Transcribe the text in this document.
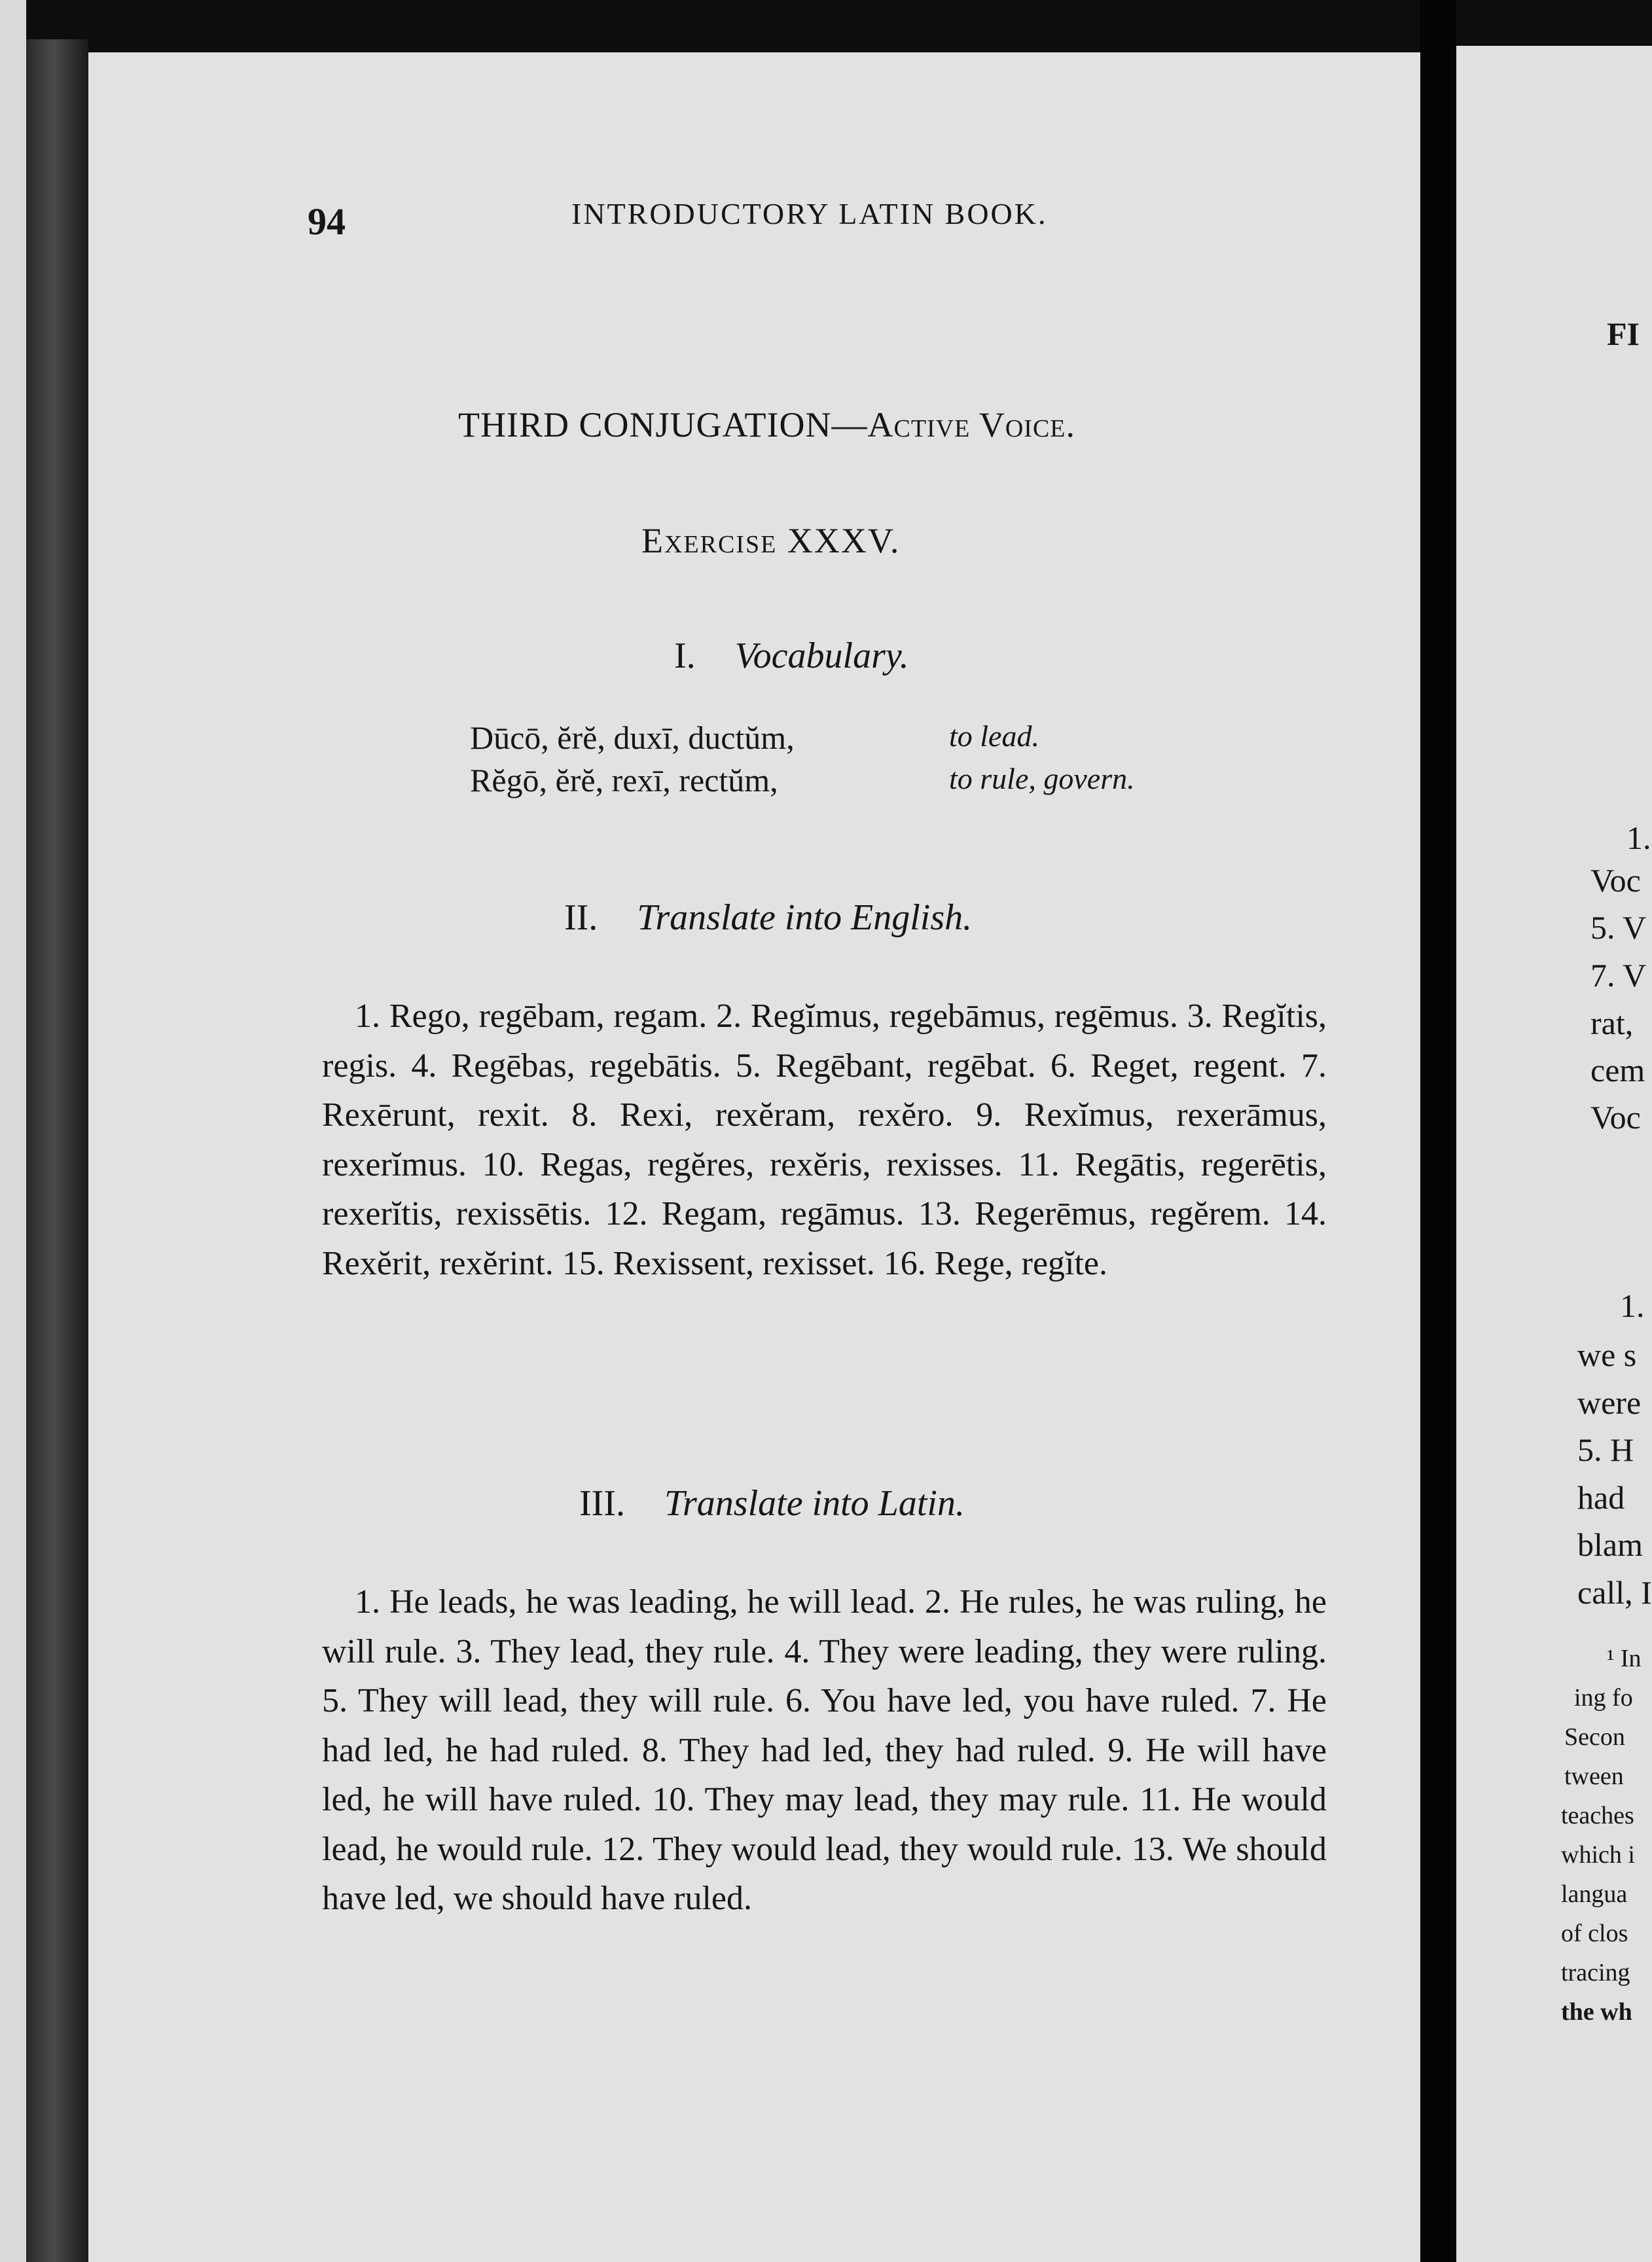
94	INTRODUCTORY LATIN BOOK.
THIRD CONJUGATION—Active Voice.
Exercise XXXV.
I. Vocabulary.
Dūcō, ĕrĕ, duxī, ductŭm,	to lead.
Rĕgō, ĕrĕ, rexī, rectŭm,	to rule, govern.
II. Translate into English.
1. Rego, regēbam, regam. 2. Regĭmus, regebāmus, regēmus. 3. Regĭtis, regis. 4. Regēbas, regebātis. 5. Regēbant, regēbat. 6. Reget, regent. 7. Rexērunt, rexit. 8. Rexi, rexĕram, rexĕro. 9. Rexĭmus, rexerāmus, rexerĭmus. 10. Regas, regĕres, rexĕris, rexisses. 11. Regātis, regerētis, rexerĭtis, rexissētis. 12. Regam, regāmus. 13. Regerēmus, regĕrem. 14. Rexĕrit, rexĕrint. 15. Rexissent, rexisset. 16. Rege, regĭte.
III. Translate into Latin.
1. He leads, he was leading, he will lead. 2. He rules, he was ruling, he will rule. 3. They lead, they rule. 4. They were leading, they were ruling. 5. They will lead, they will rule. 6. You have led, you have ruled. 7. He had led, he had ruled. 8. They had led, they had ruled. 9. He will have led, he will have ruled. 10. They may lead, they may rule. 11. He would lead, he would rule. 12. They would lead, they would rule. 13. We should have led, we should have ruled.
FI
1.
Voc
5. V
7. V
rat,
cem
Voc
1.
we s
were
5. H
had
blam
call, I
¹ In
ing fo
Secon
tween
teaches
which i
langua
of clos
tracing
the wh
